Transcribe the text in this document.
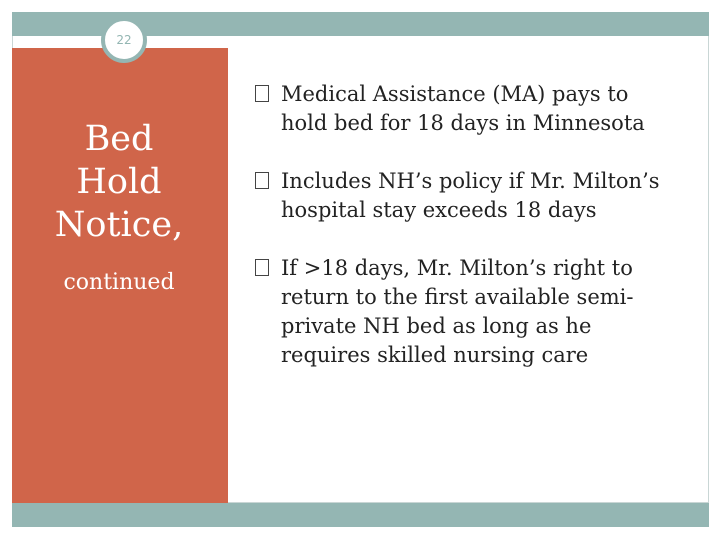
22
Bed
Hold
Notice,
continued
Medical Assistance (MA) pays to hold bed for 18 days in Minnesota
Includes NH’s policy if Mr. Milton’s hospital stay exceeds 18 days
If >18 days, Mr. Milton’s right to return to the first available semi-private NH bed as long as he requires skilled nursing care
